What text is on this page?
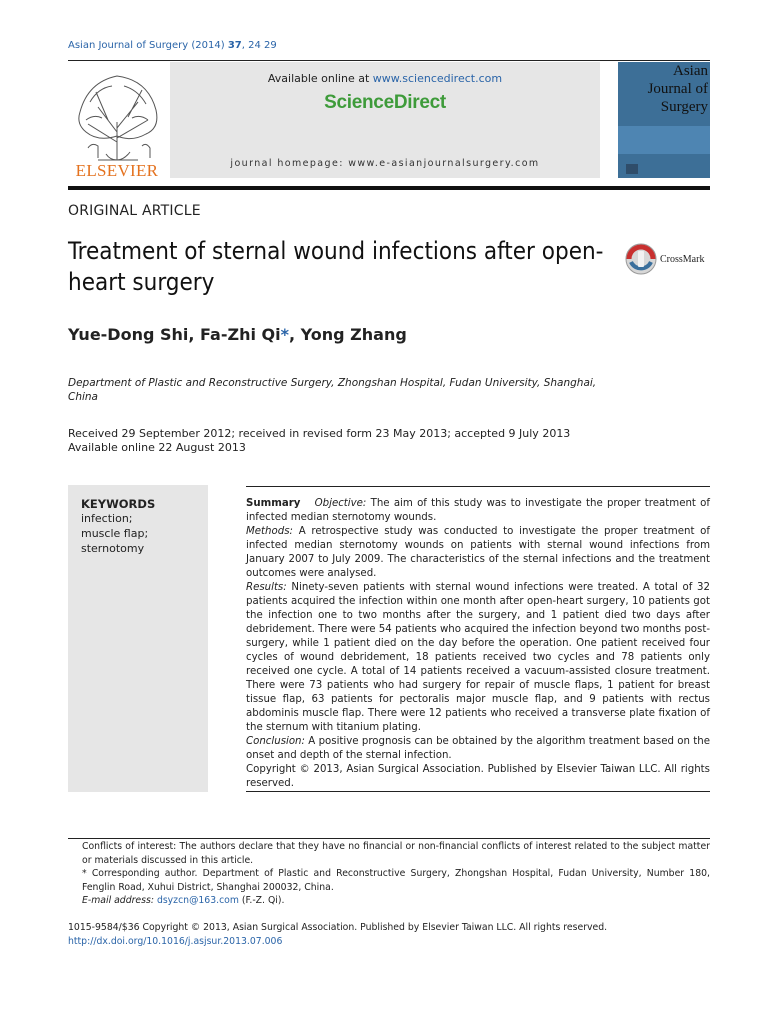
Asian Journal of Surgery (2014) 37, 24 29
ELSEVIER
Available online at www.sciencedirect.com
ScienceDirect
journal homepage: www.e-asianjournalsurgery.com
Asian
Journal of
Surgery
ORIGINAL ARTICLE
Treatment of sternal wound infections after open-heart surgery
CrossMark
Yue-Dong Shi, Fa-Zhi Qi*, Yong Zhang
Department of Plastic and Reconstructive Surgery, Zhongshan Hospital, Fudan University, Shanghai, China
Received 29 September 2012; received in revised form 23 May 2013; accepted 9 July 2013
Available online 22 August 2013
KEYWORDS
infection;
muscle flap;
sternotomy

Summary Objective: The aim of this study was to investigate the proper treatment of infected median sternotomy wounds.

Methods: A retrospective study was conducted to investigate the proper treatment of infected median sternotomy wounds on patients with sternal wound infections from January 2007 to July 2009. The characteristics of the sternal infections and the treatment outcomes were analysed.

Results: Ninety-seven patients with sternal wound infections were treated. A total of 32 patients acquired the infection within one month after open-heart surgery, 10 patients got the infection one to two months after the surgery, and 1 patient died two days after debridement. There were 54 patients who acquired the infection beyond two months post-surgery, while 1 patient died on the day before the operation. One patient received four cycles of wound debridement, 18 patients received two cycles and 78 patients only received one cycle. A total of 14 patients received a vacuum-assisted closure treatment. There were 73 patients who had surgery for repair of muscle flaps, 1 patient for breast tissue flap, 63 patients for pectoralis major muscle flap, and 9 patients with rectus abdominis muscle flap. There were 12 patients who received a transverse plate fixation of the sternum with titanium plating.

Conclusion: A positive prognosis can be obtained by the algorithm treatment based on the onset and depth of the sternal infection.

Copyright © 2013, Asian Surgical Association. Published by Elsevier Taiwan LLC. All rights reserved.

Conflicts of interest: The authors declare that they have no financial or non-financial conflicts of interest related to the subject matter or materials discussed in this article.

* Corresponding author. Department of Plastic and Reconstructive Surgery, Zhongshan Hospital, Fudan University, Number 180, Fenglin Road, Xuhui District, Shanghai 200032, China.

E-mail address: dsyzcn@163.com (F.-Z. Qi).

1015-9584/$36 Copyright © 2013, Asian Surgical Association. Published by Elsevier Taiwan LLC. All rights reserved.
http://dx.doi.org/10.1016/j.asjsur.2013.07.006
